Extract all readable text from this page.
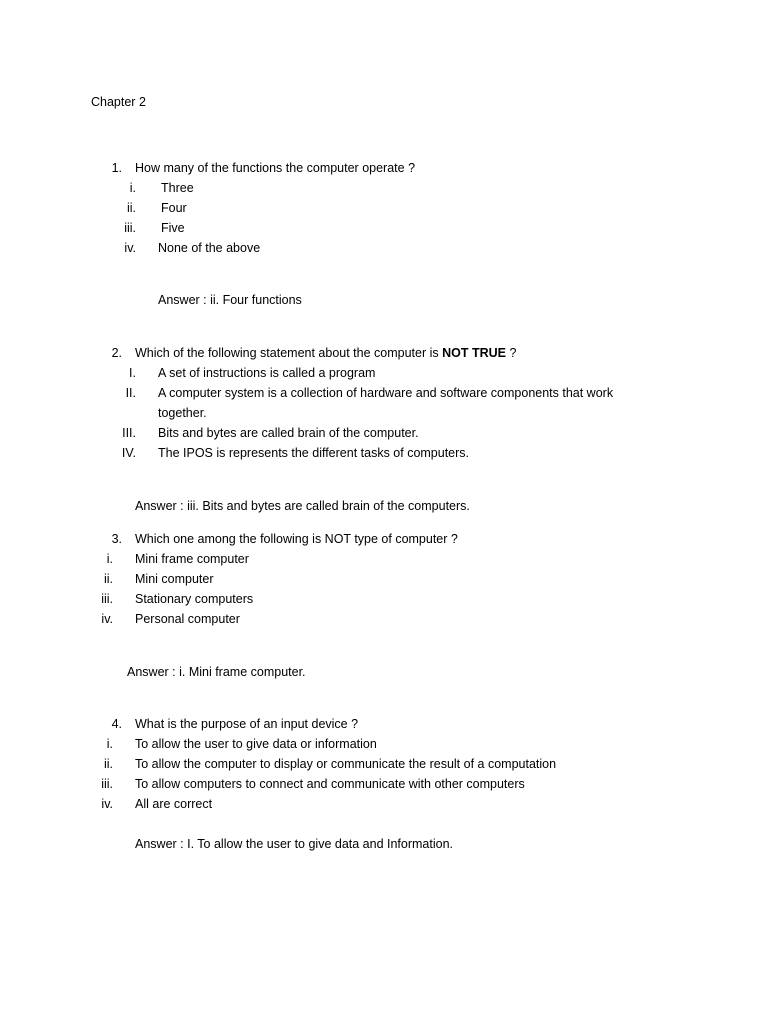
Chapter 2
1. How many of the functions the computer operate ?
i. Three
ii. Four
iii. Five
iv. None of the above
Answer : ii. Four functions
2. Which of the following statement about the computer is NOT TRUE ?
I. A set of instructions is called a program
II. A computer system is a collection of hardware and software components that work
together.
III. Bits and bytes are called brain of the computer.
IV. The IPOS is represents the different tasks of computers.
Answer : iii. Bits and bytes are called brain of the computers.
3. Which one among the following is NOT type of computer ?
i. Mini frame computer
ii. Mini computer
iii. Stationary computers
iv. Personal computer
Answer : i. Mini frame computer.
4. What is the purpose of an input device ?
i. To allow the user to give data or information
ii. To allow the computer to display or communicate the result of a computation
iii. To allow computers to connect and communicate with other computers
iv. All are correct
Answer : I. To allow the user to give data and Information.
